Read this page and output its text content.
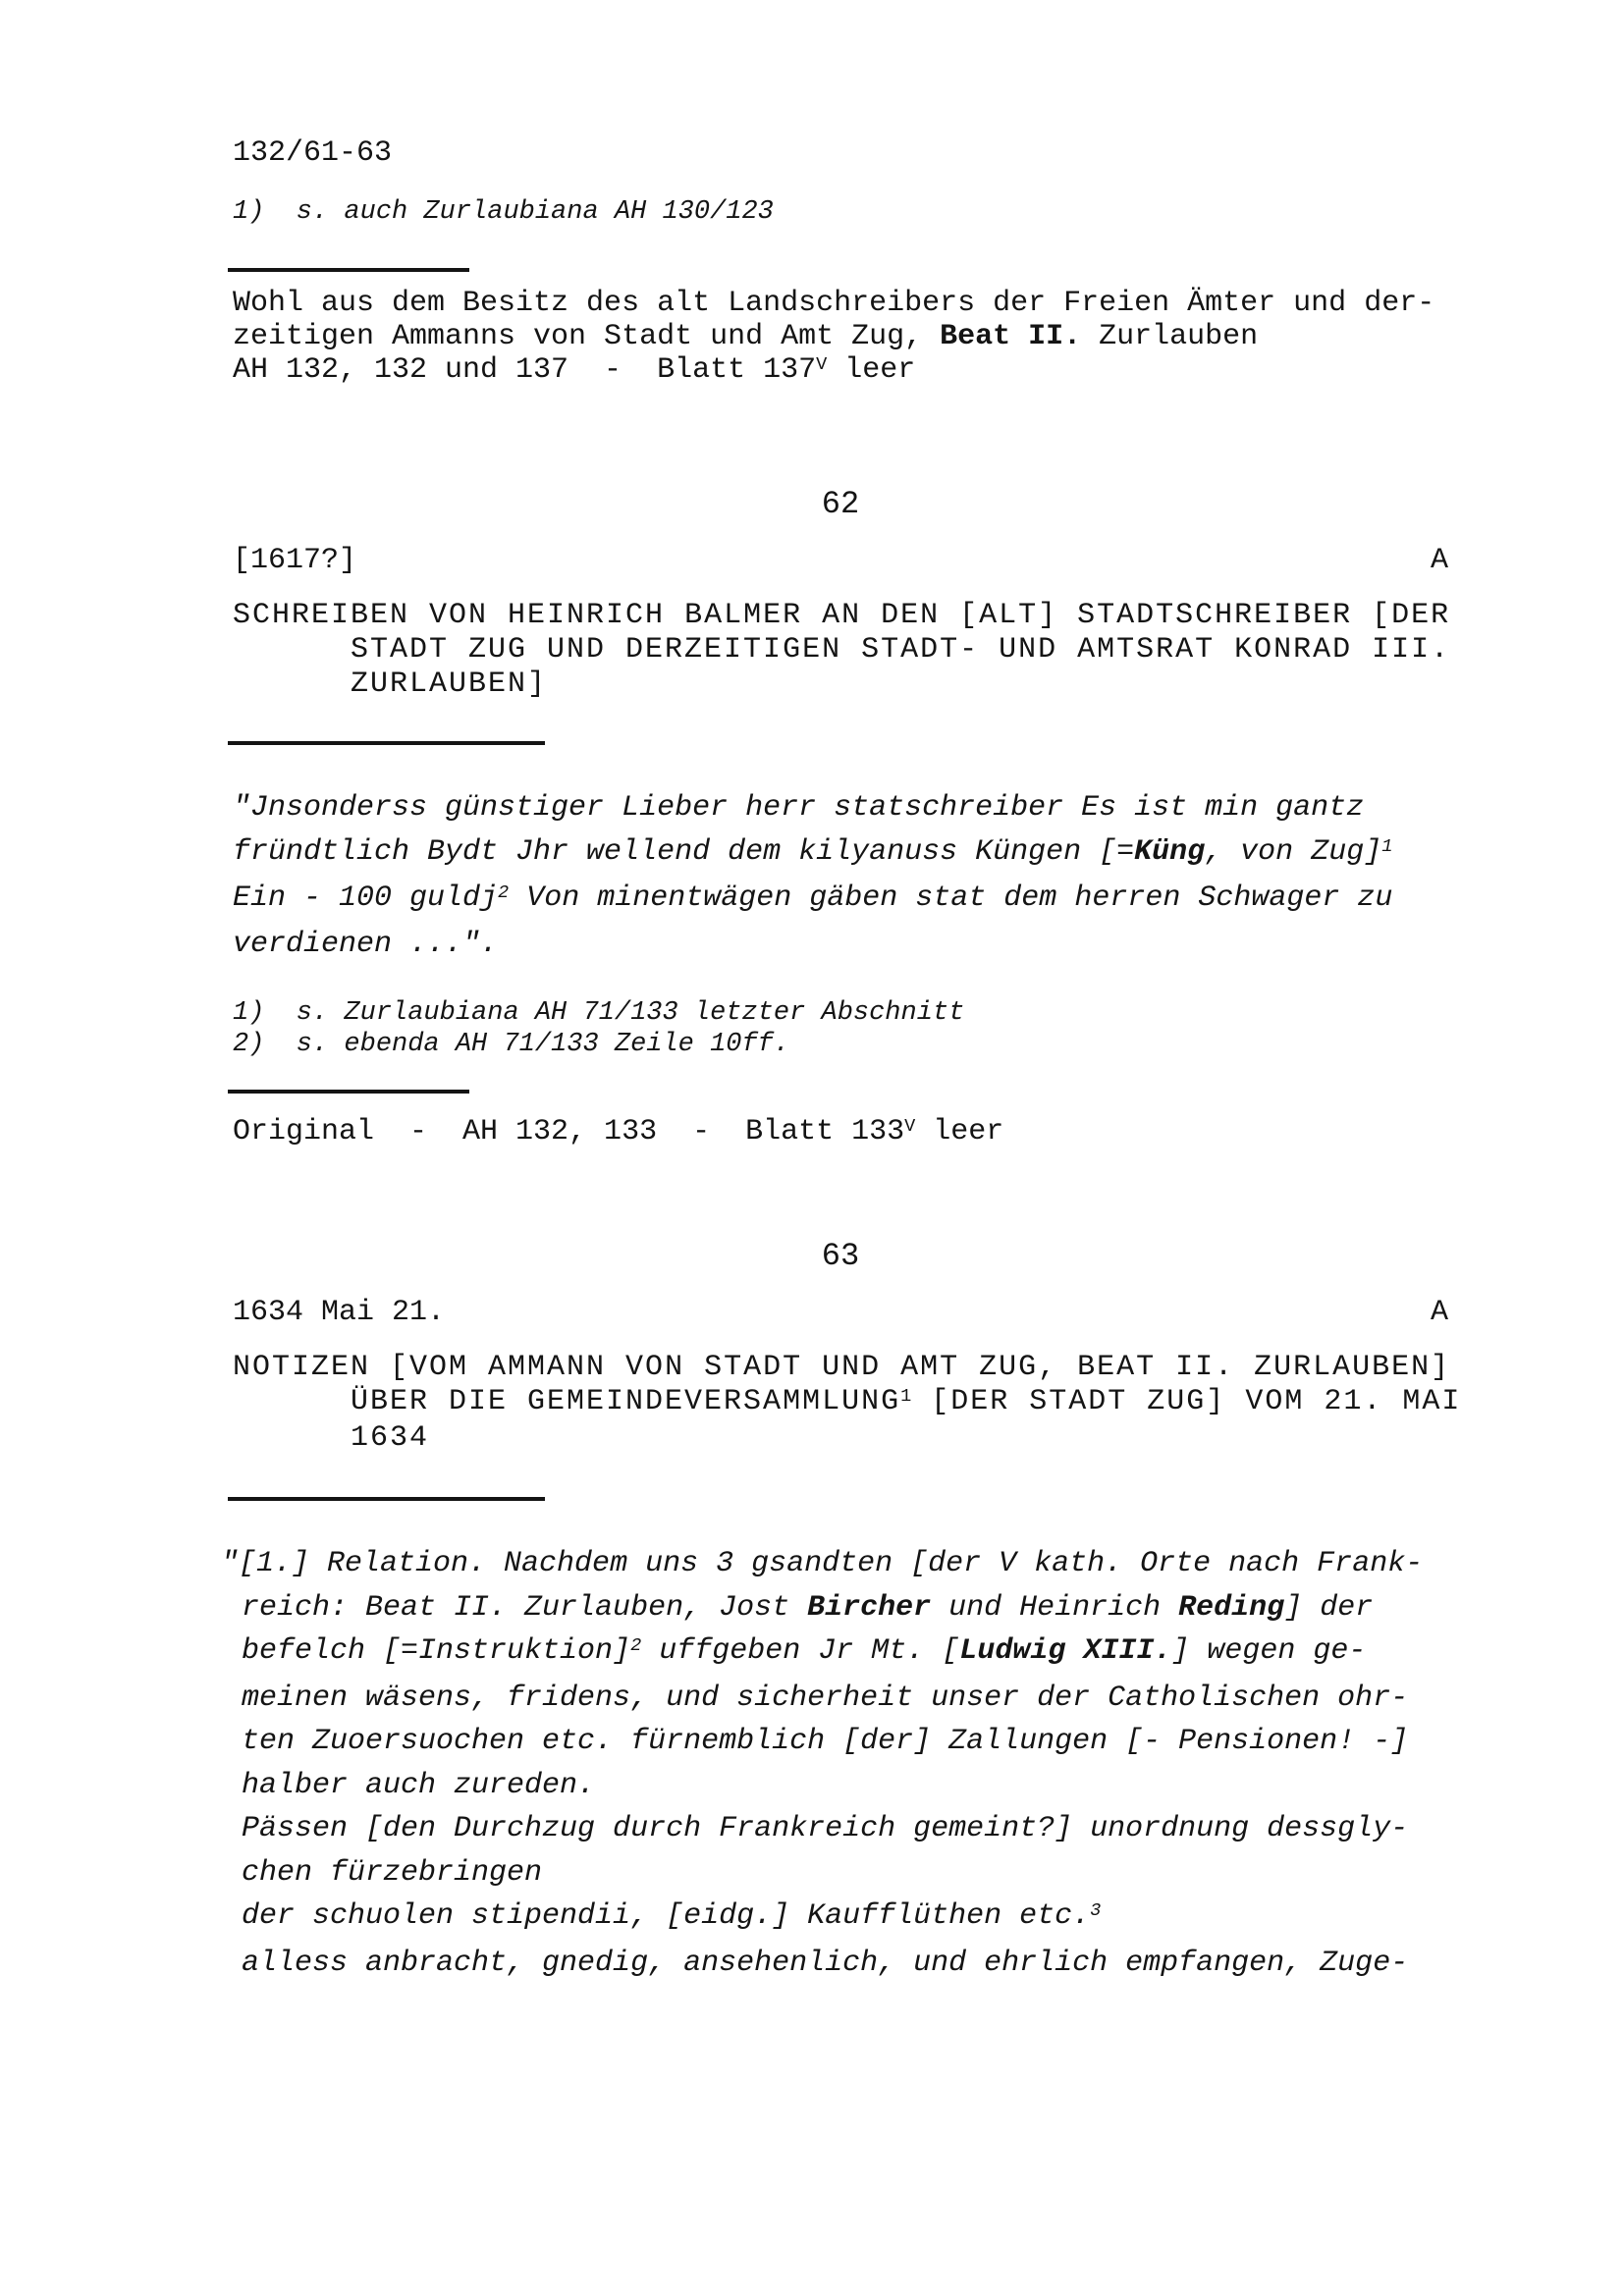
132/61-63
1)  s. auch Zurlaubiana AH 130/123
Wohl aus dem Besitz des alt Landschreibers der Freien Ämter und der-
zeitigen Ammanns von Stadt und Amt Zug, Beat II. Zurlauben
AH 132, 132 und 137  -  Blatt $137^V$ leer
62
[1617?]	A
SCHREIBEN VON HEINRICH BALMER AN DEN [ALT] STADTSCHREIBER [DER
STADT ZUG UND DERZEITIGEN STADT- UND AMTSRAT KONRAD III.
ZURLAUBEN]
"Jnsonderss günstiger Lieber herr statschreiber Es ist min gantz
fründtlich Bydt Jhr wellend dem kilyanuss Küngen [=Küng, von Zug]$^1$
Ein - 100 guldj$^2$ Von minentwägen gäben stat dem herren Schwager zu
verdienen ...".
1)  s. Zurlaubiana AH 71/133 letzter Abschnitt
2)  s. ebenda AH 71/133 Zeile 10ff.
Original  -  AH 132, 133  -  Blatt $133^V$ leer
63
1634 Mai 21.	A
NOTIZEN [VOM AMMANN VON STADT UND AMT ZUG, BEAT II. ZURLAUBEN]
ÜBER DIE GEMEINDEVERSAMMLUNG$^1$ [DER STADT ZUG] VOM 21. MAI
1634
"[1.] Relation. Nachdem uns 3 gsandten [der V kath. Orte nach Frank-
reich: Beat II. Zurlauben, Jost Bircher und Heinrich Reding] der
befelch [=Instruktion]$^2$ uffgeben Jr Mt. [Ludwig XIII.] wegen ge-
meinen wäsens, fridens, und sicherheit unser der Catholischen ohr-
ten Zuoersuochen etc. fürnemblich [der] Zallungen [- Pensionen! -]
halber auch zureden.
Pässen [den Durchzug durch Frankreich gemeint?] unordnung dessgly-
chen fürzebringen
der schuolen stipendii, [eidg.] Kaufflüthen etc.$^3$
alless anbracht, gnedig, ansehenlich, und ehrlich empfangen, Zuge-
